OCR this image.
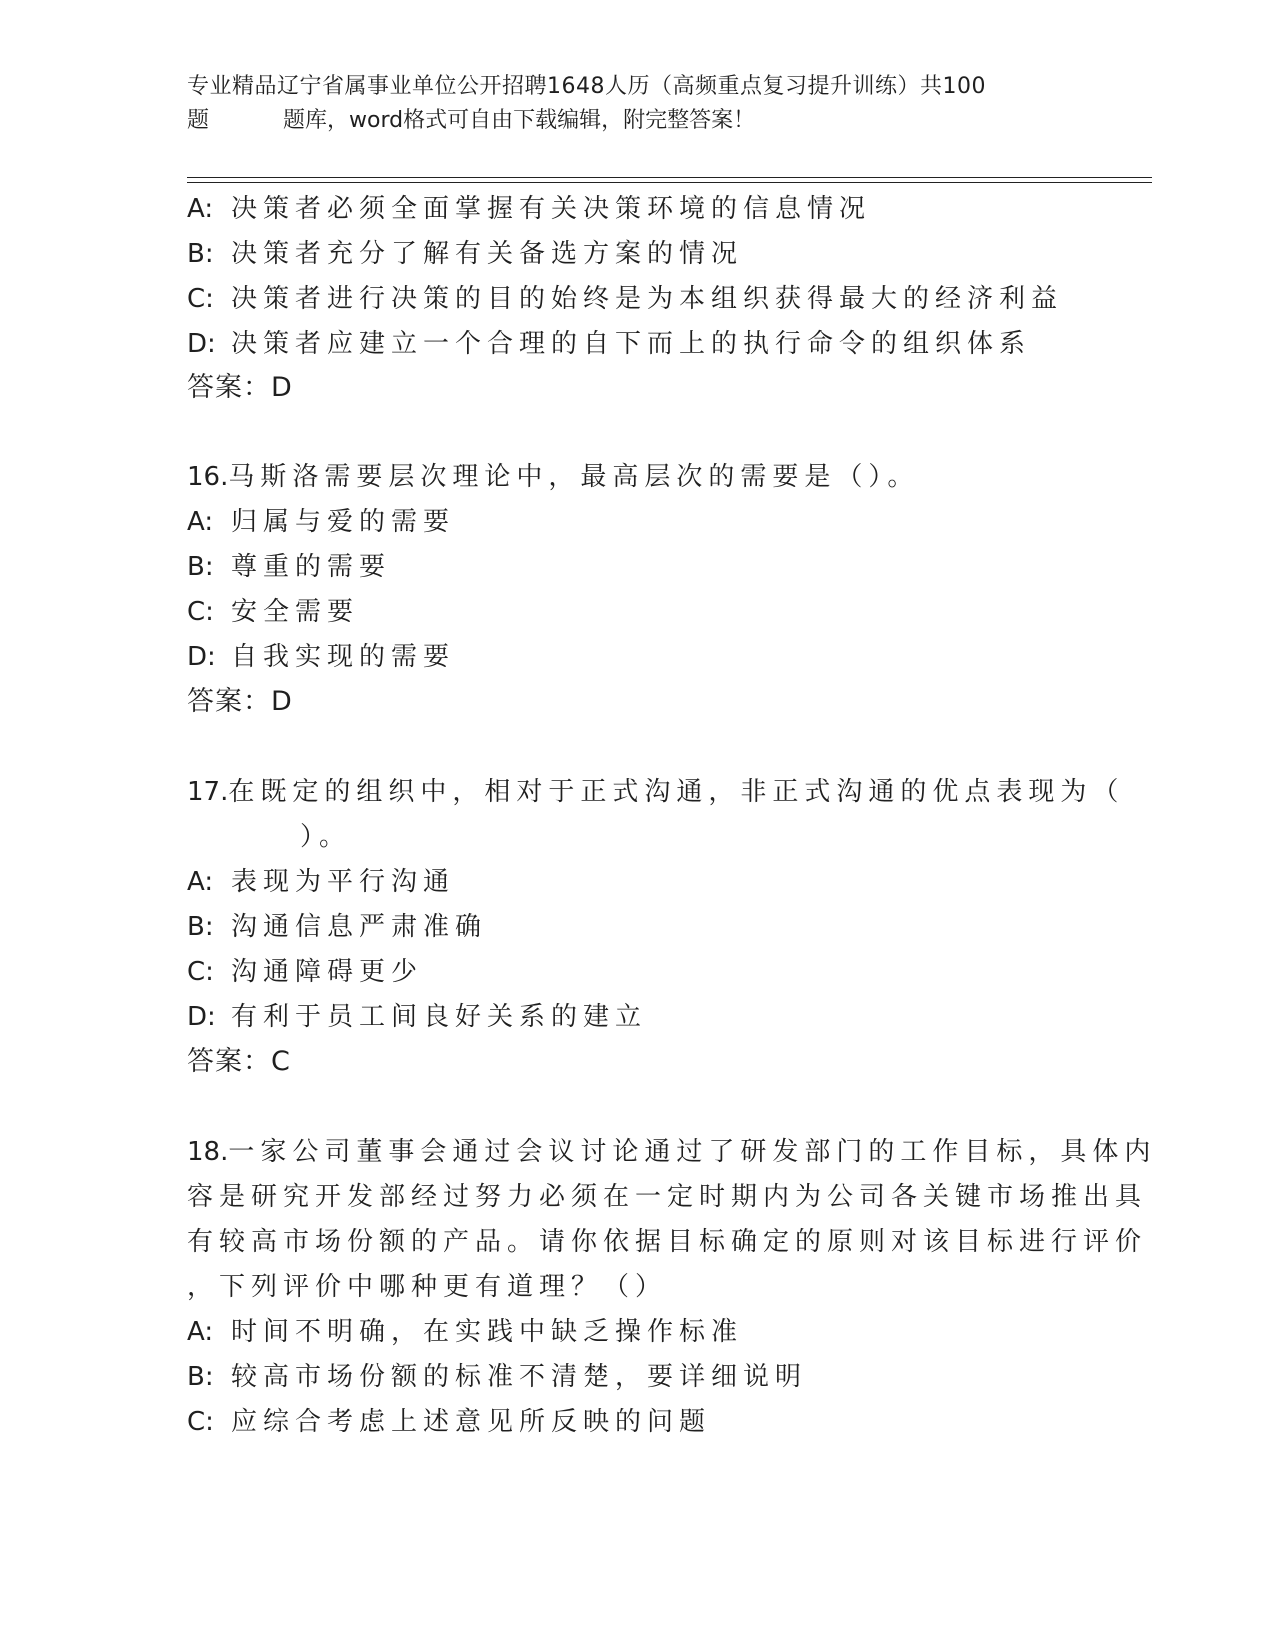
专业精品辽宁省属事业单位公开招聘1648人历（高频重点复习提升训练）共100
题	题库，word格式可自由下载编辑，附完整答案！
A: 决策者必须全面掌握有关决策环境的信息情况
B: 决策者充分了解有关备选方案的情况
C: 决策者进行决策的目的始终是为本组织获得最大的经济利益
D: 决策者应建立一个合理的自下而上的执行命令的组织体系
答案：D
16.马斯洛需要层次理论中，最高层次的需要是（）。
A: 归属与爱的需要
B: 尊重的需要
C: 安全需要
D: 自我实现的需要
答案：D
17.在既定的组织中，相对于正式沟通，非正式沟通的优点表现为（
）。
A: 表现为平行沟通
B: 沟通信息严肃准确
C: 沟通障碍更少
D: 有利于员工间良好关系的建立
答案：C
18.一家公司董事会通过会议讨论通过了研发部门的工作目标，具体内
容是研究开发部经过努力必须在一定时期内为公司各关键市场推出具
有较高市场份额的产品。请你依据目标确定的原则对该目标进行评价
，下列评价中哪种更有道理？（）
A: 时间不明确，在实践中缺乏操作标准
B: 较高市场份额的标准不清楚，要详细说明
C: 应综合考虑上述意见所反映的问题
